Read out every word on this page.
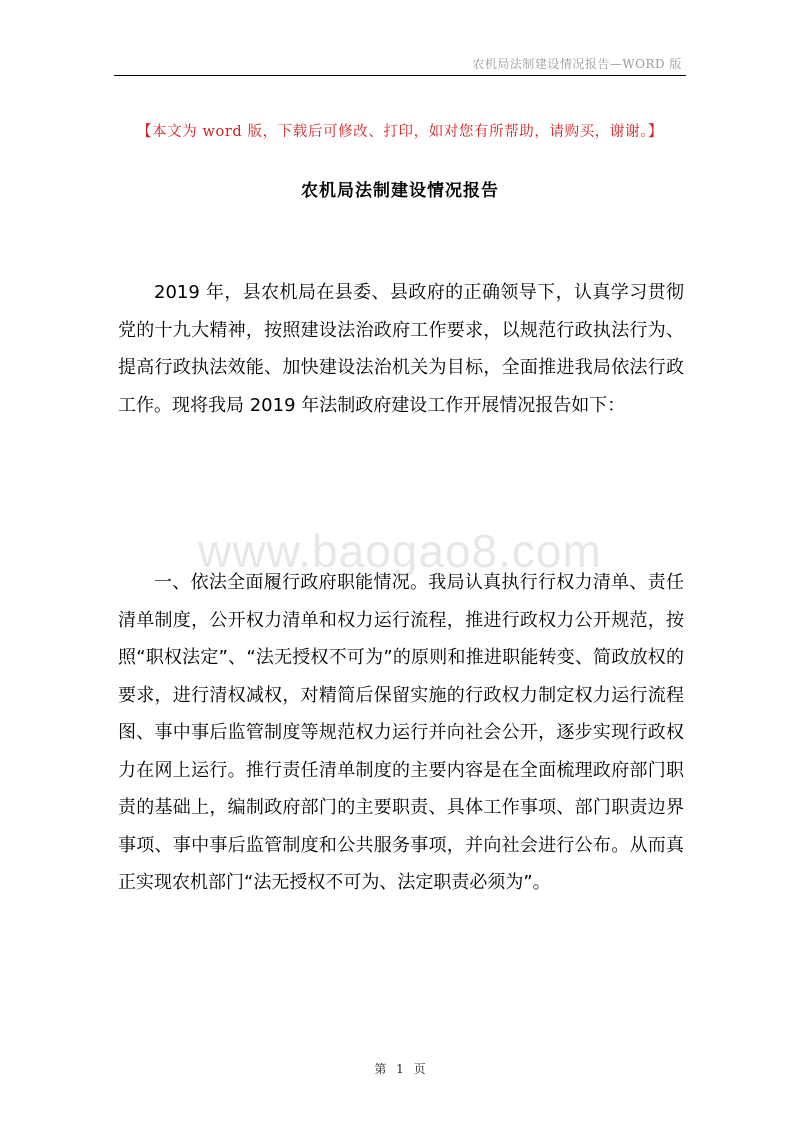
农机局法制建设情况报告—WORD 版
【本文为 word 版，下载后可修改、打印，如对您有所帮助，请购买，谢谢。】
农机局法制建设情况报告

2019 年，县农机局在县委、县政府的正确领导下，认真学习贯彻党的十九大精神，按照建设法治政府工作要求，以规范行政执法行为、提高行政执法效能、加快建设法治机关为目标，全面推进我局依法行政工作。现将我局 2019 年法制政府建设工作开展情况报告如下：

www.baogao8.com

一、依法全面履行政府职能情况。我局认真执行行权力清单、责任清单制度，公开权力清单和权力运行流程，推进行政权力公开规范，按照“职权法定”、“法无授权不可为”的原则和推进职能转变、简政放权的要求，进行清权减权，对精简后保留实施的行政权力制定权力运行流程图、事中事后监管制度等规范权力运行并向社会公开，逐步实现行政权力在网上运行。推行责任清单制度的主要内容是在全面梳理政府部门职责的基础上，编制政府部门的主要职责、具体工作事项、部门职责边界事项、事中事后监管制度和公共服务事项，并向社会进行公布。从而真正实现农机部门“法无授权不可为、法定职责必须为”。

第 1 页
